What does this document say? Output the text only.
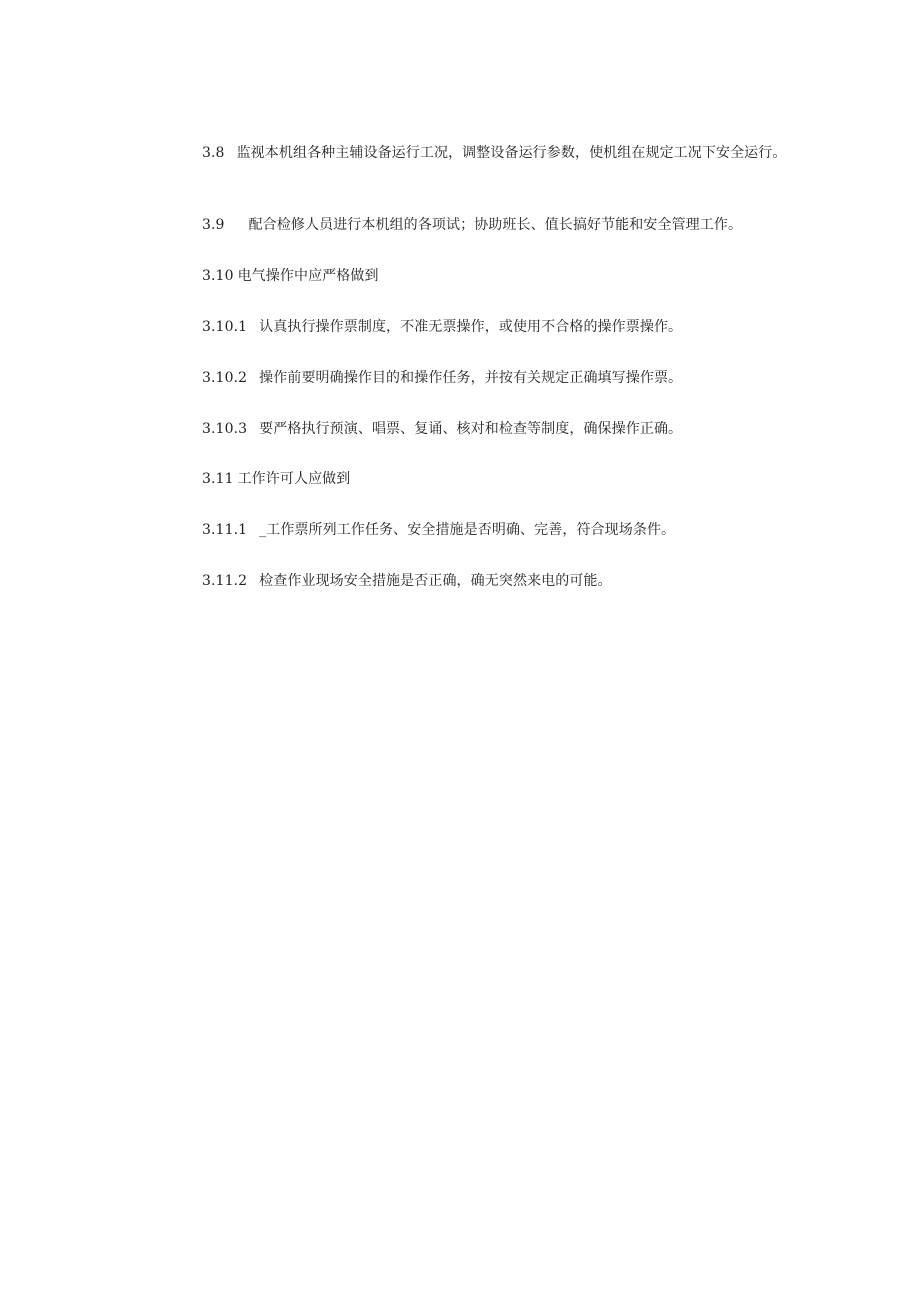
3.8 监视本机组各种主辅设备运行工况，调整设备运行参数，使机组在规定工况下安全运行。
3.9 配合检修人员进行本机组的各项试；协助班长、值长搞好节能和安全管理工作。
3.10 电气操作中应严格做到
3.10.1 认真执行操作票制度，不准无票操作，或使用不合格的操作票操作。
3.10.2 操作前要明确操作目的和操作任务，并按有关规定正确填写操作票。
3.10.3 要严格执行预演、唱票、复诵、核对和检查等制度，确保操作正确。
3.11 工作许可人应做到
3.11.1 _工作票所列工作任务、安全措施是否明确、完善，符合现场条件。
3.11.2 检查作业现场安全措施是否正确，确无突然来电的可能。
